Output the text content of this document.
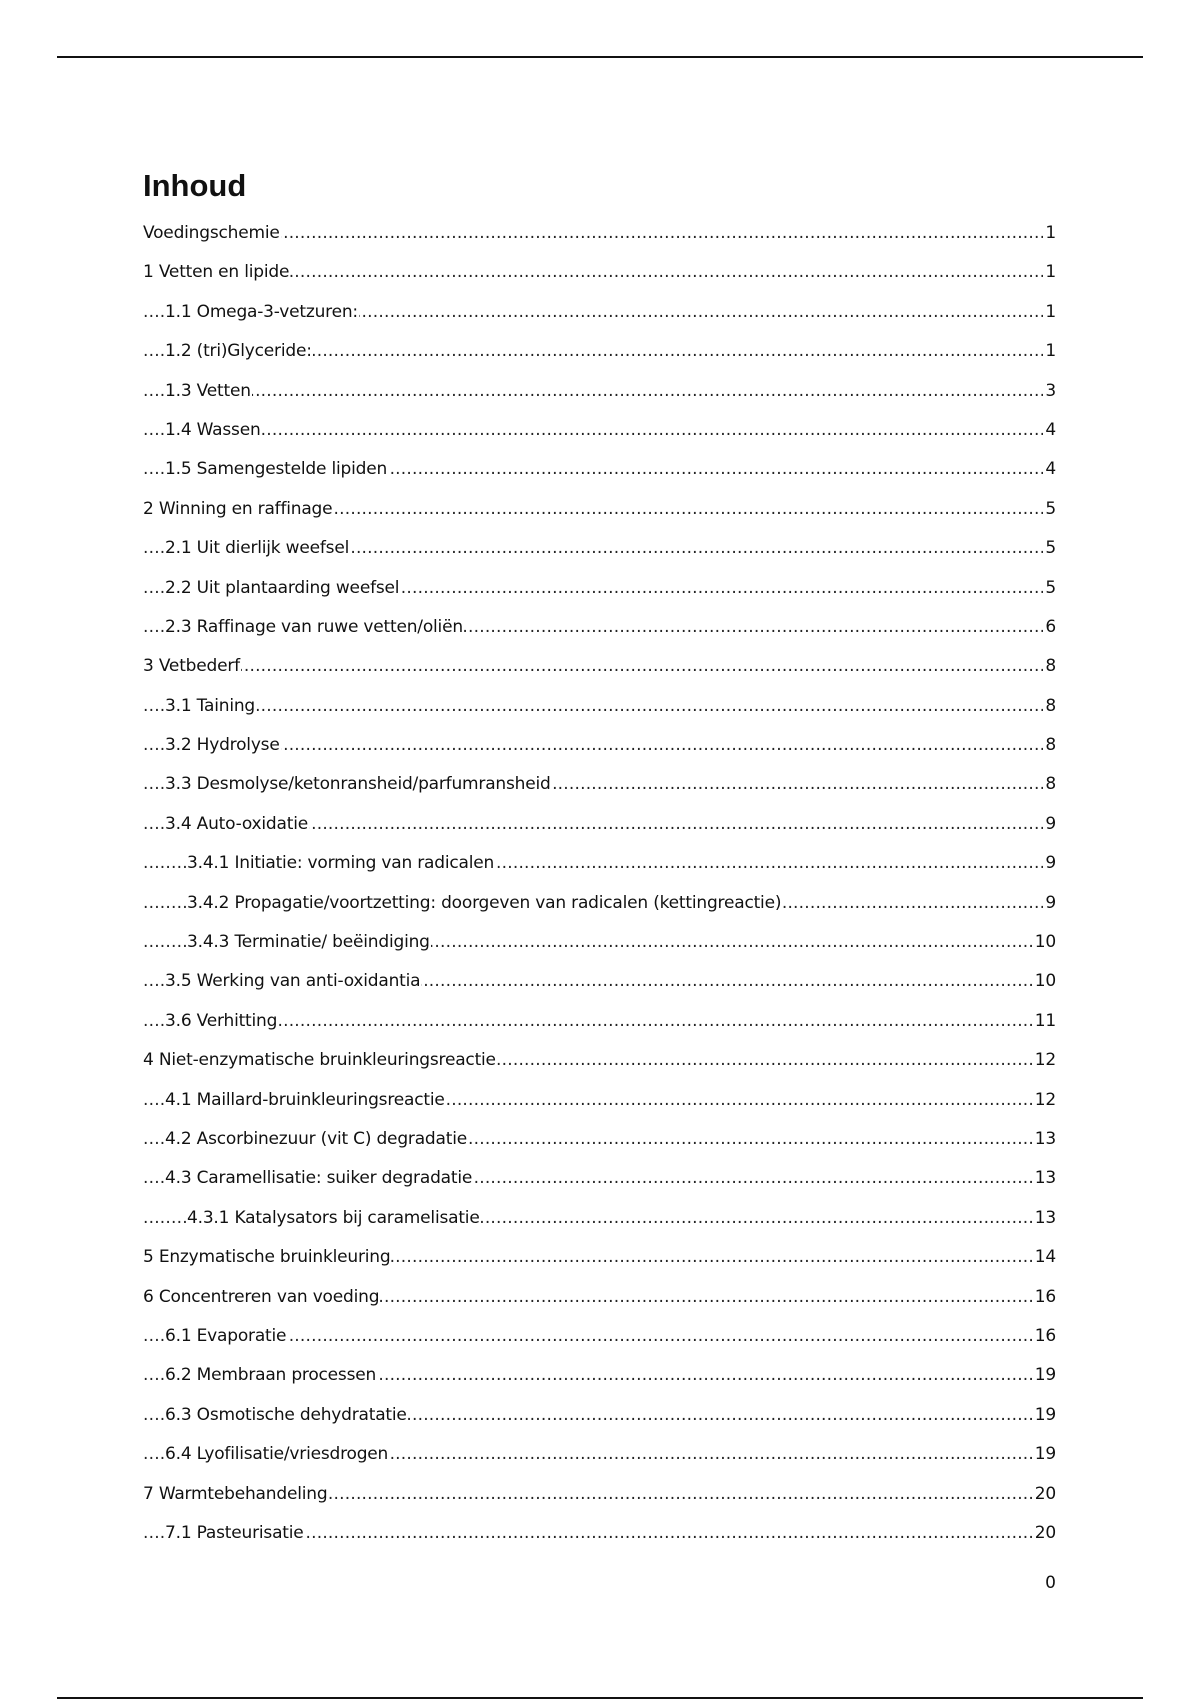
Inhoud
Voedingschemie	1
.....
1 Vetten en lipide	1
.....
1.1 Omega-3-vetzuren:	1
.....
1.2 (tri)Glyceride:	1
.....
1.3 Vetten	3
.....
1.4 Wassen	4
.....
1.5 Samengestelde lipiden	4
.....
2 Winning en raffinage	5
.....
2.1 Uit dierlijk weefsel	5
.....
2.2 Uit plantaarding weefsel	5
.....
2.3 Raffinage van ruwe vetten/oliën	6
.....
3 Vetbederf	8
.....
3.1 Taining	8
.....
3.2 Hydrolyse	8
.....
3.3 Desmolyse/ketonransheid/parfumransheid	8
.....
3.4 Auto-oxidatie	9
.....
3.4.1 Initiatie: vorming van radicalen	9
.....
3.4.2 Propagatie/voortzetting: doorgeven van radicalen (kettingreactie)	9
.....
3.4.3 Terminatie/ beëindiging	10
.....
3.5 Werking van anti-oxidantia	10
.....
3.6 Verhitting	11
.....
4 Niet-enzymatische bruinkleuringsreactie	12
.....
4.1 Maillard-bruinkleuringsreactie	12
.....
4.2 Ascorbinezuur (vit C) degradatie	13
.....
4.3 Caramellisatie: suiker degradatie	13
.....
4.3.1 Katalysators bij caramelisatie	13
.....
5 Enzymatische bruinkleuring	14
.....
6 Concentreren van voeding	16
.....
6.1 Evaporatie	16
.....
6.2 Membraan processen	19
.....
6.3 Osmotische dehydratatie	19
.....
6.4 Lyofilisatie/vriesdrogen	19
.....
7 Warmtebehandeling	20
.....
7.1 Pasteurisatie	20
.....
0
